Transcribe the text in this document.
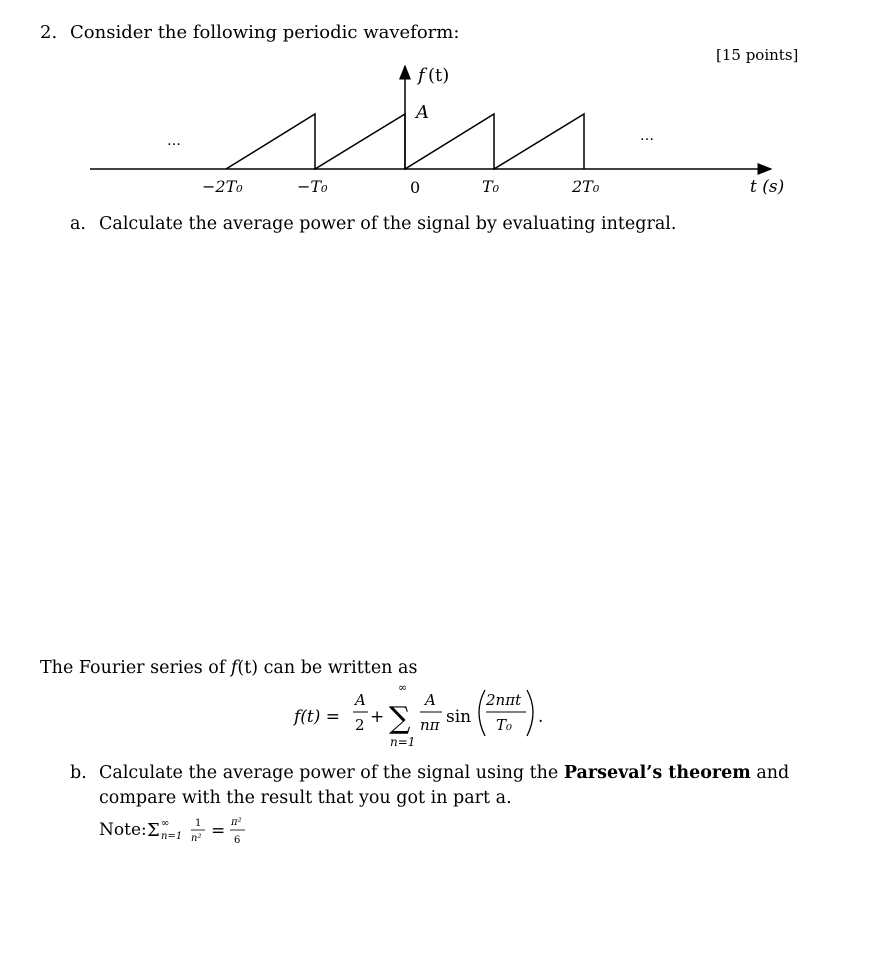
2. Consider the following periodic waveform:
[15 points]
f (t)
A
…	…
−2T₀	−T₀	0	T₀	2T₀	t (s)
a. Calculate the average power of the signal by evaluating integral.
The Fourier series of f(t) can be written as
f(t) =
A
2 +
∞
∑
n=1
A
nπ sin
2nπt
T₀ .
b. Calculate the average power of the signal using the Parseval’s theorem and compare with the result that you got in part a.
Note: Σ ∞
n=1
1
n² = π²
6
